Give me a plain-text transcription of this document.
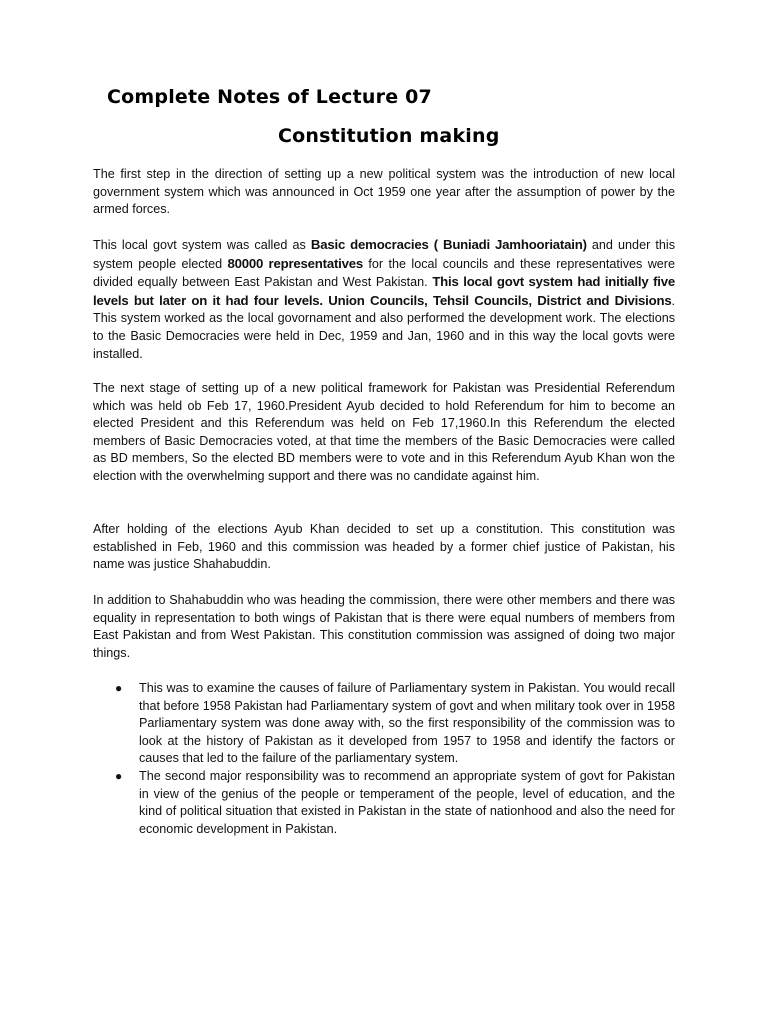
Complete Notes of Lecture 07
Constitution making

The first step in the direction of setting up a new political system was the introduction of new local government system which was announced in Oct 1959 one year after the assumption of power by the armed forces.

This local govt system was called as Basic democracies ( Buniadi Jamhooriatain) and under this system people elected 80000 representatives for the local councils and these representatives were divided equally between East Pakistan and West Pakistan. This local govt system had initially five levels but later on it had four levels. Union Councils, Tehsil Councils, District and Divisions. This system worked as the local govornament and also performed the development work. The elections to the Basic Democracies were held in Dec, 1959 and Jan, 1960 and in this way the local govts were installed.

The next stage of setting up of a new political framework for Pakistan was Presidential Referendum which was held ob Feb 17, 1960.President Ayub decided to hold Referendum for him to become an elected President and this Referendum was held on Feb 17,1960.In this Referendum the elected members of Basic Democracies voted, at that time the members of the Basic Democracies were called as BD members, So the elected BD members were to vote and in this Referendum Ayub Khan won the election with the overwhelming support and there was no candidate against him.

After holding of the elections Ayub Khan decided to set up a constitution. This constitution was established in Feb, 1960 and this commission was headed by a former chief justice of Pakistan, his name was justice Shahabuddin.

In addition to Shahabuddin who was heading the commission, there were other members and there was equality in representation to both wings of Pakistan that is there were equal numbers of members from East Pakistan and from West Pakistan. This constitution commission was assigned of doing two major things.

● This was to examine the causes of failure of Parliamentary system in Pakistan. You would recall that before 1958 Pakistan had Parliamentary system of govt and when military took over in 1958 Parliamentary system was done away with, so the first responsibility of the commission was to look at the history of Pakistan as it developed from 1957 to 1958 and identify the factors or causes that led to the failure of the parliamentary system.
● The second major responsibility was to recommend an appropriate system of govt for Pakistan in view of the genius of the people or temperament of the people, level of education, and the kind of political situation that existed in Pakistan in the state of nationhood and also the need for economic development in Pakistan.
